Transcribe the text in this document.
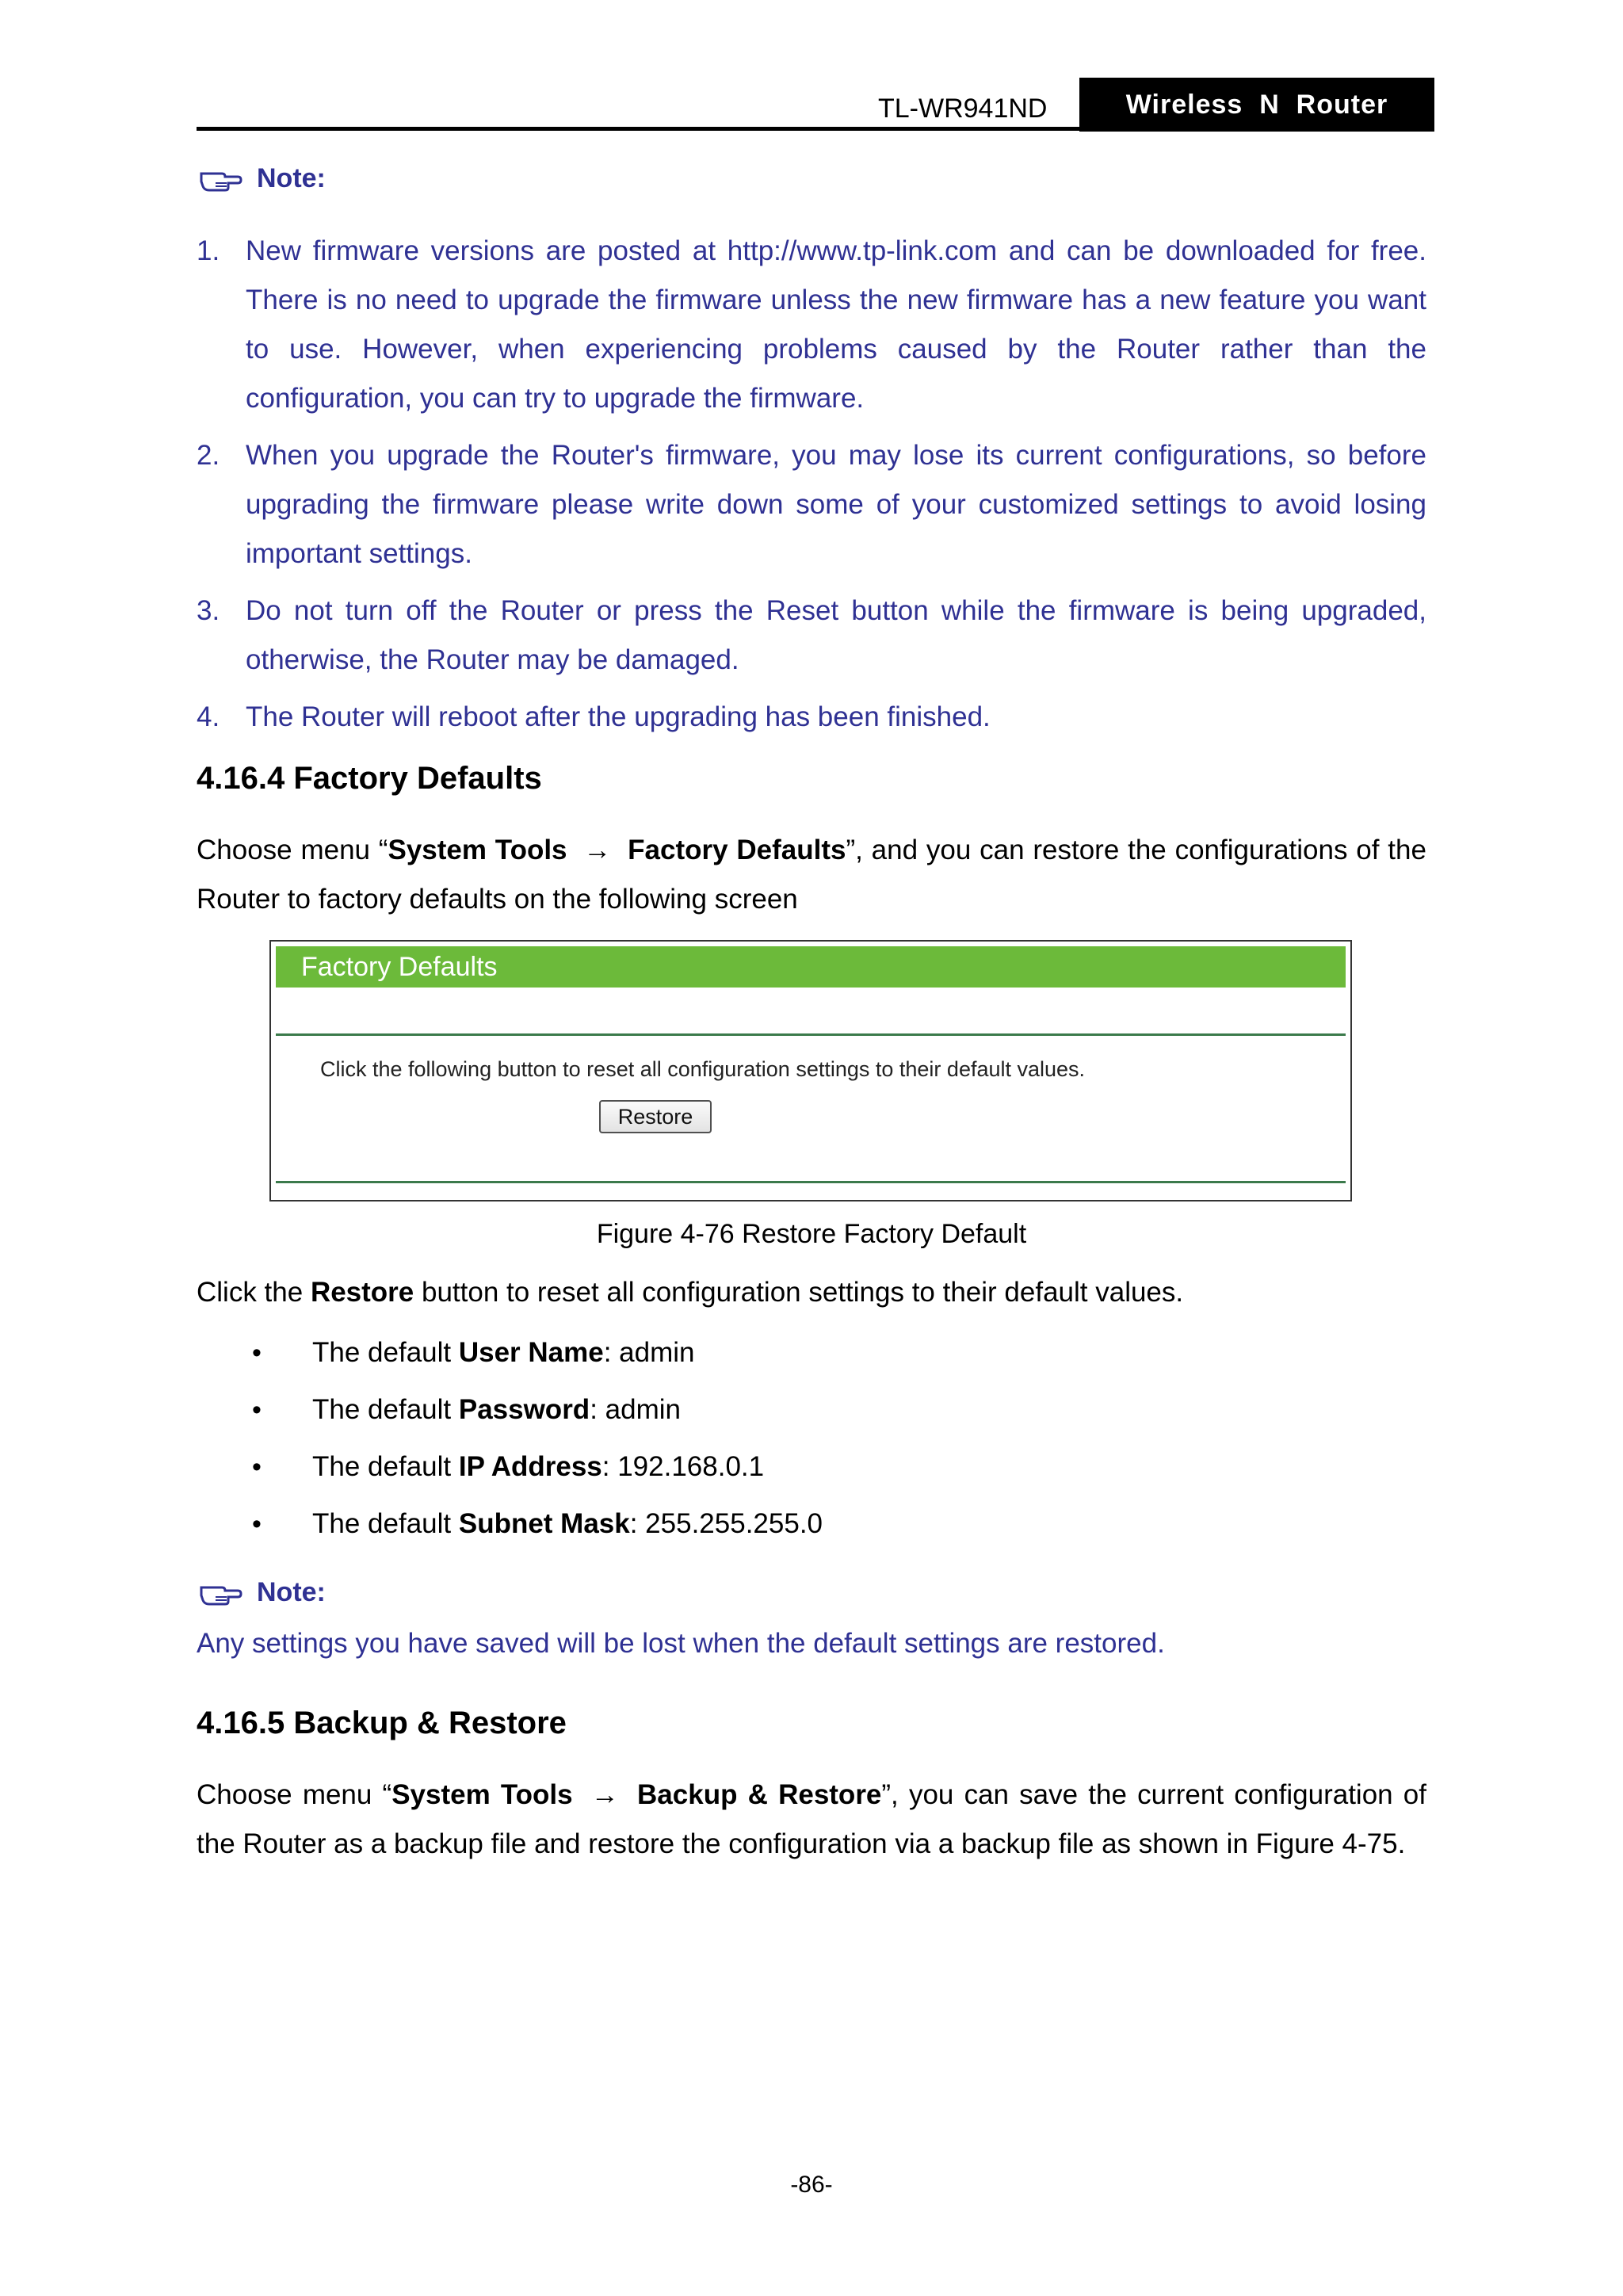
TL-WR941ND	Wireless  N  Router
Note:
1. New firmware versions are posted at http://www.tp-link.com and can be downloaded for free. There is no need to upgrade the firmware unless the new firmware has a new feature you want to use. However, when experiencing problems caused by the Router rather than the configuration, you can try to upgrade the firmware.
2. When you upgrade the Router's firmware, you may lose its current configurations, so before upgrading the firmware please write down some of your customized settings to avoid losing important settings.
3. Do not turn off the Router or press the Reset button while the firmware is being upgraded, otherwise, the Router may be damaged.
4. The Router will reboot after the upgrading has been finished.
4.16.4 Factory Defaults
Choose menu “System Tools → Factory Defaults”, and you can restore the configurations of the Router to factory defaults on the following screen
Factory Defaults
Click the following button to reset all configuration settings to their default values.
Restore
Figure 4-76 Restore Factory Default
Click the Restore button to reset all configuration settings to their default values.
• The default User Name: admin
• The default Password: admin
• The default IP Address: 192.168.0.1
• The default Subnet Mask: 255.255.255.0
Note:
Any settings you have saved will be lost when the default settings are restored.
4.16.5 Backup & Restore
Choose menu “System Tools → Backup & Restore”, you can save the current configuration of the Router as a backup file and restore the configuration via a backup file as shown in Figure 4-75.
-86-
